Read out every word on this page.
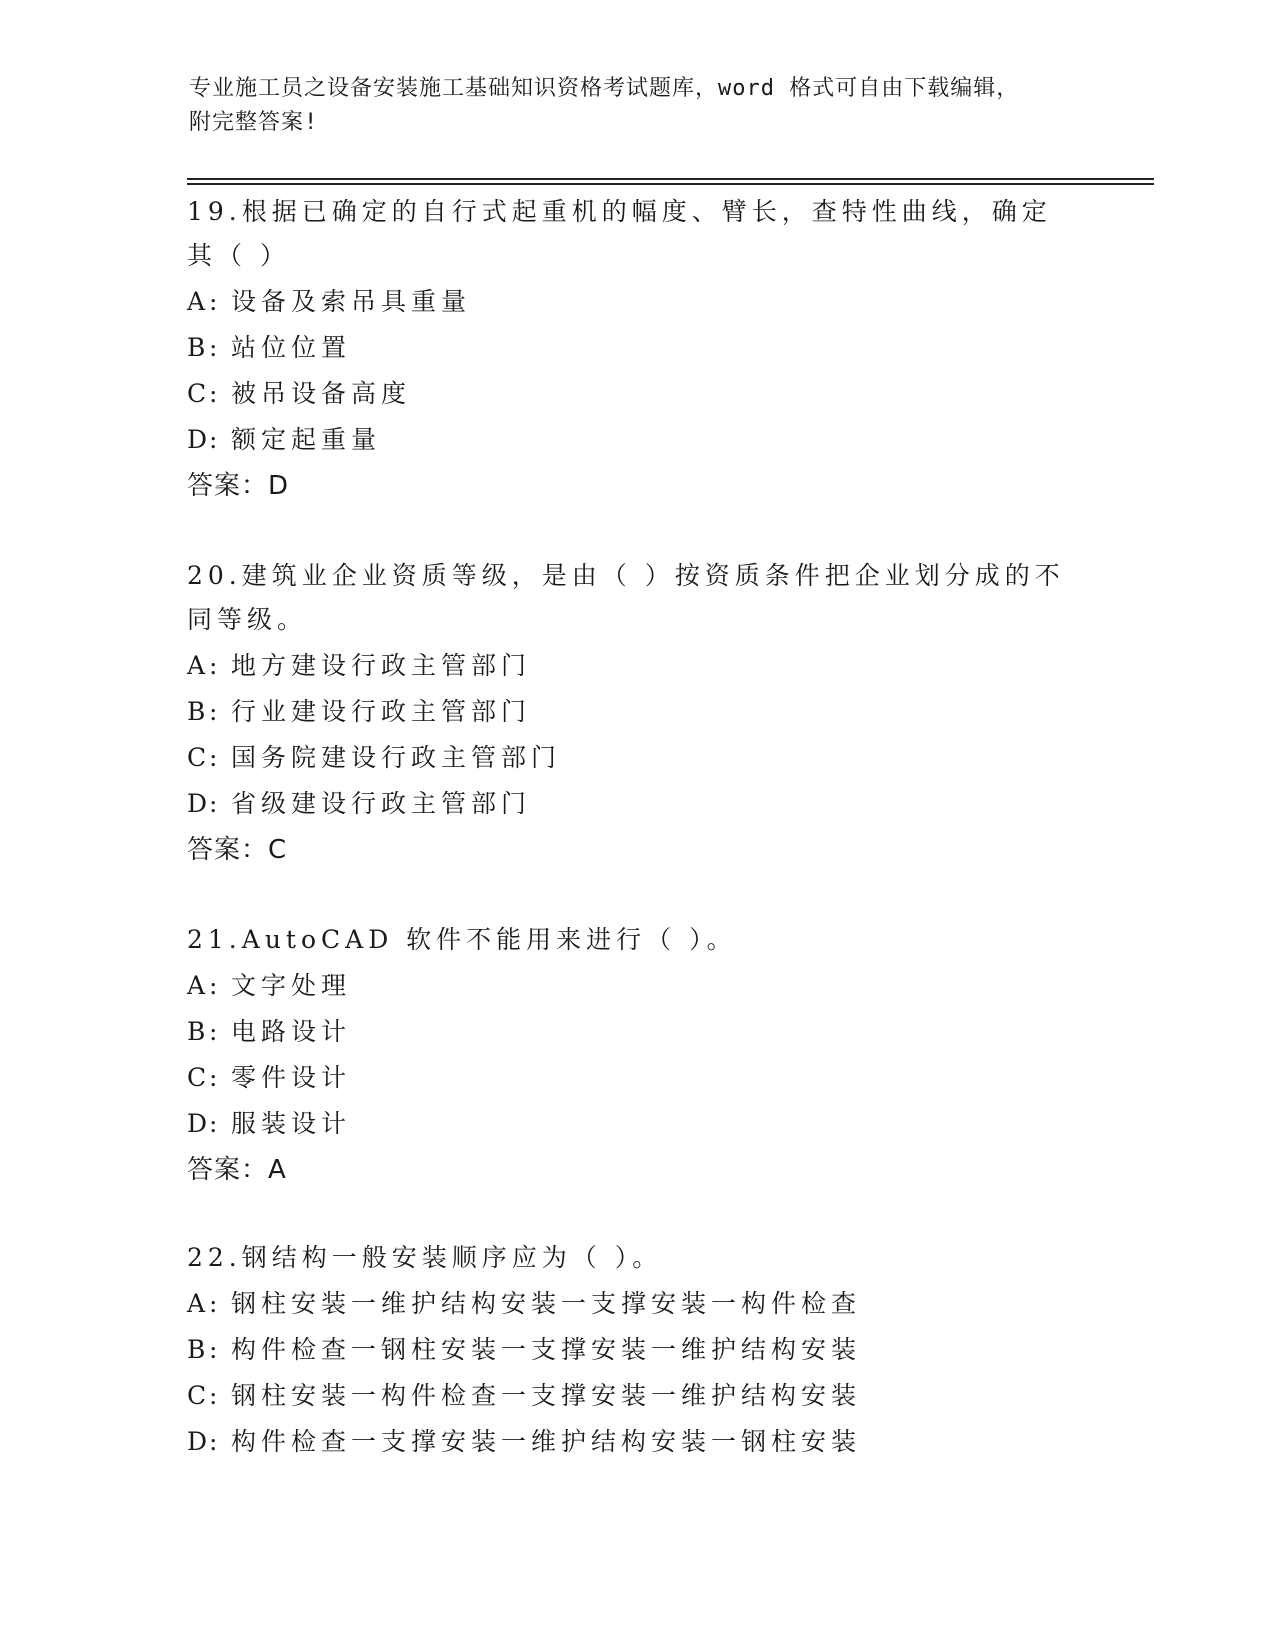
专业施工员之设备安装施工基础知识资格考试题库，word 格式可自由下载编辑，
附完整答案!

19.根据已确定的自行式起重机的幅度、臂长，查特性曲线，确定其（ ）

A : 设备及索吊具重量

B : 站位位置

C : 被吊设备高度

D: 额定起重量

答案：D

20.建筑业企业资质等级，是由（ ）按资质条件把企业划分成的不同等级。

A : 地方建设行政主管部门

B : 行业建设行政主管部门

C : 国务院建设行政主管部门

D: 省级建设行政主管部门

答案：C

21.AutoCAD 软件不能用来进行（ ）。

A : 文字处理

B : 电路设计

C : 零件设计

D: 服装设计

答案：A

22.钢结构一般安装顺序应为（ ）。

A : 钢柱安装一维护结构安装一支撑安装一构件检查

B : 构件检查一钢柱安装一支撑安装一维护结构安装

C : 钢柱安装一构件检查一支撑安装一维护结构安装

D: 构件检查一支撑安装一维护结构安装一钢柱安装
